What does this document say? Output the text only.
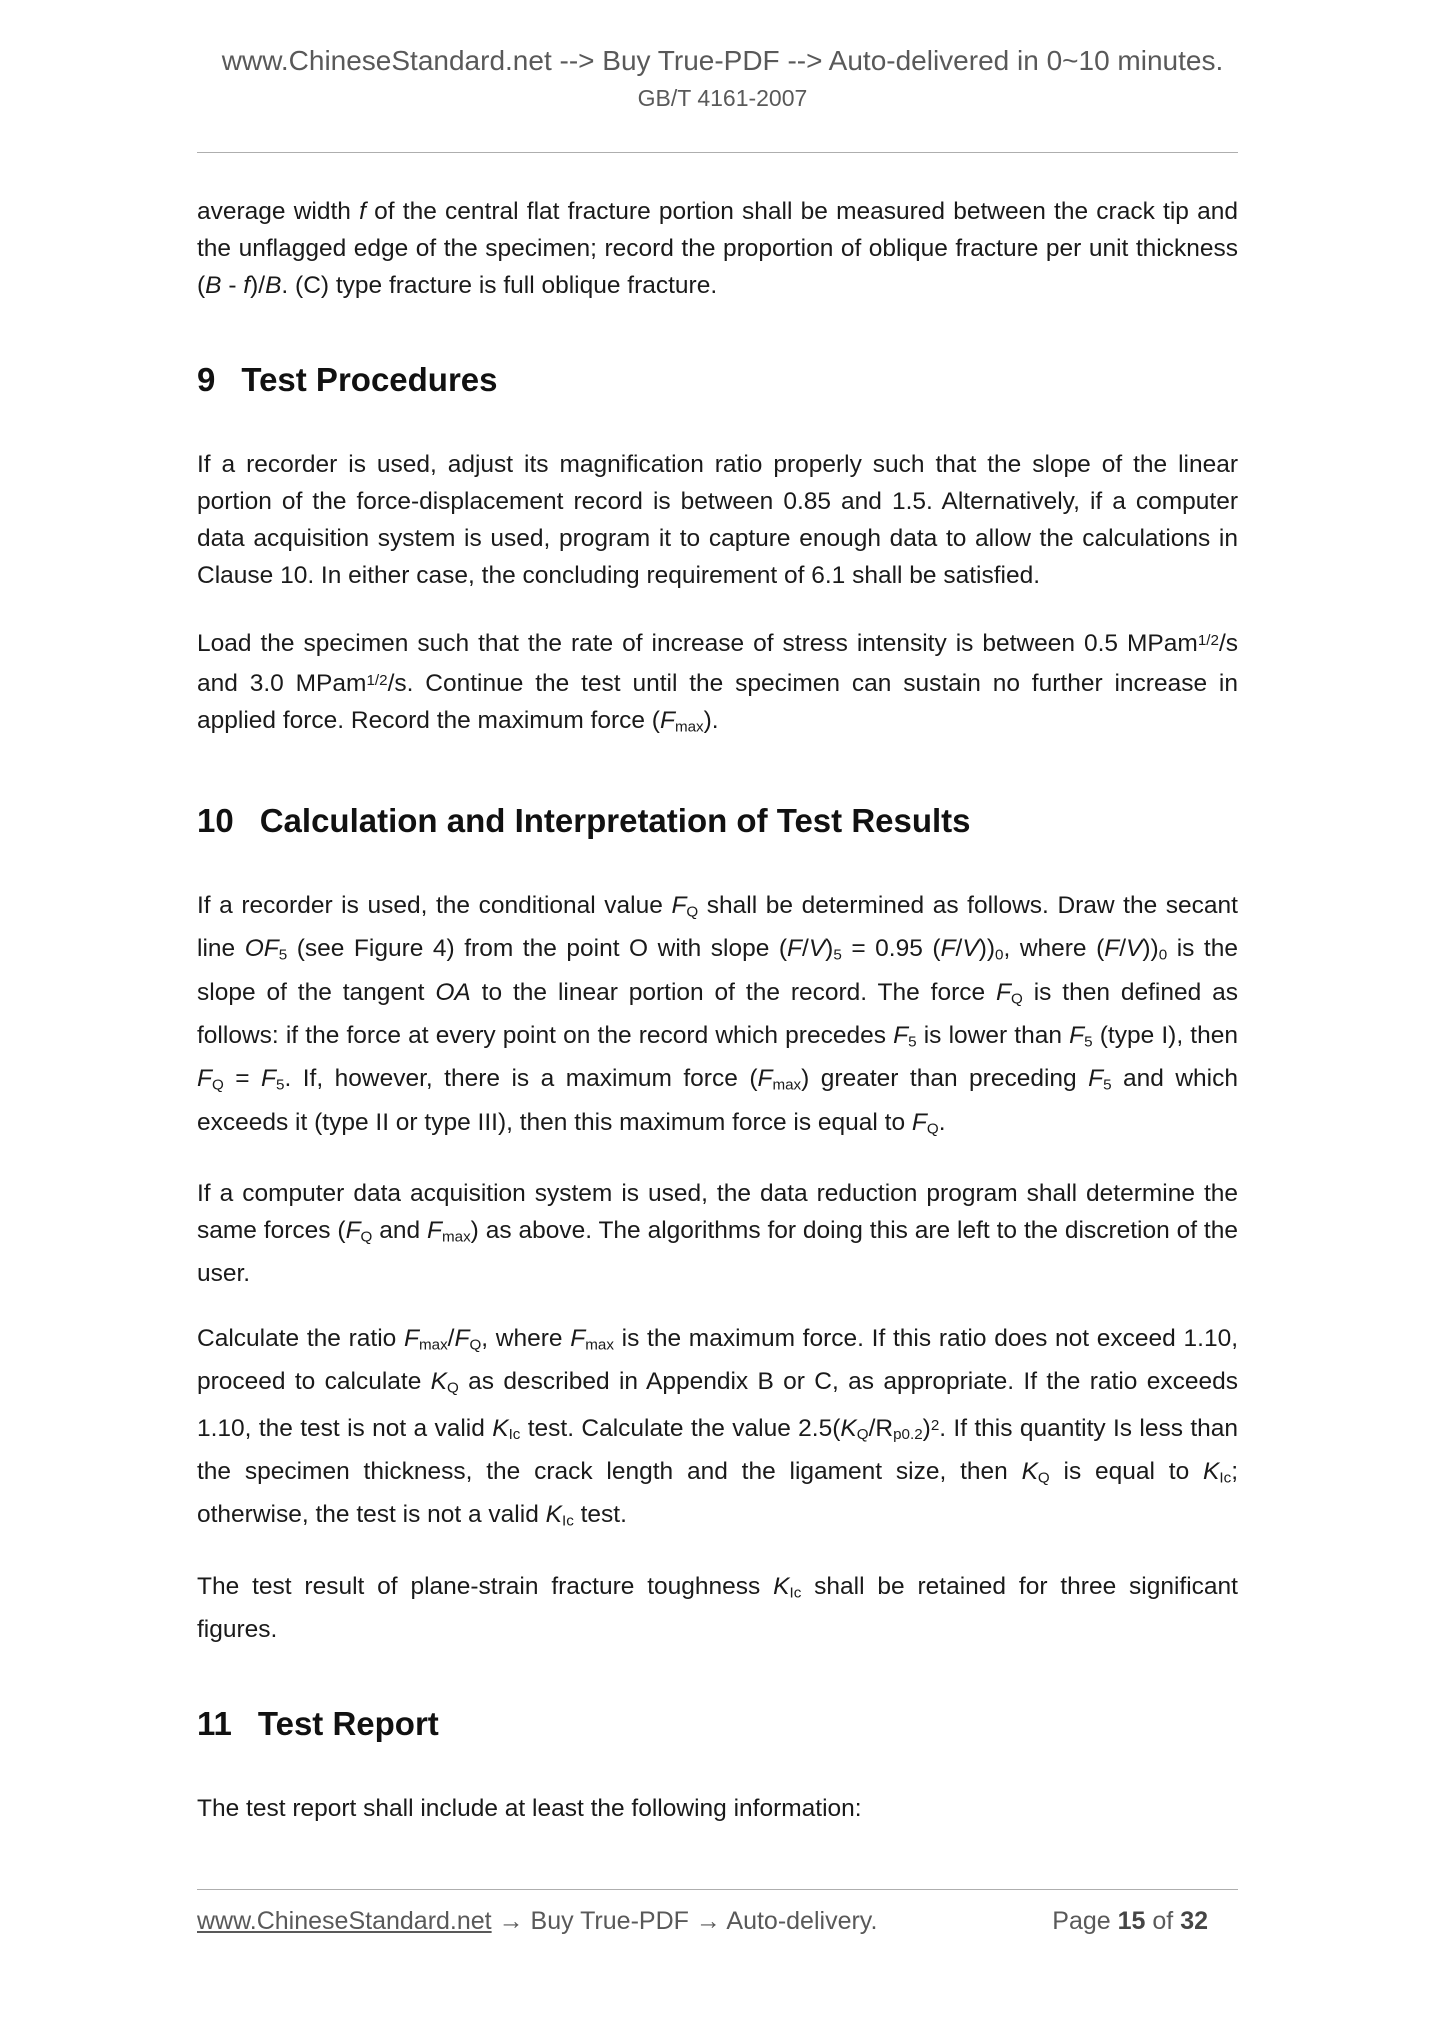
www.ChineseStandard.net --> Buy True-PDF --> Auto-delivered in 0~10 minutes.
GB/T 4161-2007

average width f of the central flat fracture portion shall be measured between the crack tip and the unflagged edge of the specimen; record the proportion of oblique fracture per unit thickness (B - f)/B. (C) type fracture is full oblique fracture.

9 Test Procedures

If a recorder is used, adjust its magnification ratio properly such that the slope of the linear portion of the force-displacement record is between 0.85 and 1.5. Alternatively, if a computer data acquisition system is used, program it to capture enough data to allow the calculations in Clause 10. In either case, the concluding requirement of 6.1 shall be satisfied.

Load the specimen such that the rate of increase of stress intensity is between 0.5 MPam$^{1/2}$/s and 3.0 MPam$^{1/2}$/s. Continue the test until the specimen can sustain no further increase in applied force. Record the maximum force (Fmax).

10 Calculation and Interpretation of Test Results

If a recorder is used, the conditional value FQ shall be determined as follows. Draw the secant line OF5 (see Figure 4) from the point O with slope (F/V)5 = 0.95 (F/V))0, where (F/V))0 is the slope of the tangent OA to the linear portion of the record. The force FQ is then defined as follows: if the force at every point on the record which precedes F5 is lower than F5 (type I), then FQ = F5. If, however, there is a maximum force (Fmax) greater than preceding F5 and which exceeds it (type II or type III), then this maximum force is equal to FQ.

If a computer data acquisition system is used, the data reduction program shall determine the same forces (FQ and Fmax) as above. The algorithms for doing this are left to the discretion of the user.

Calculate the ratio Fmax/FQ, where Fmax is the maximum force. If this ratio does not exceed 1.10, proceed to calculate KQ as described in Appendix B or C, as appropriate. If the ratio exceeds 1.10, the test is not a valid KIc test. Calculate the value $2.5(KQ/Rp0.2)^2$. If this quantity Is less than the specimen thickness, the crack length and the ligament size, then KQ is equal to KIc; otherwise, the test is not a valid KIc test.

The test result of plane-strain fracture toughness KIc shall be retained for three significant figures.

11 Test Report

The test report shall include at least the following information:

www.ChineseStandard.net → Buy True-PDF → Auto-delivery.	Page 15 of 32
